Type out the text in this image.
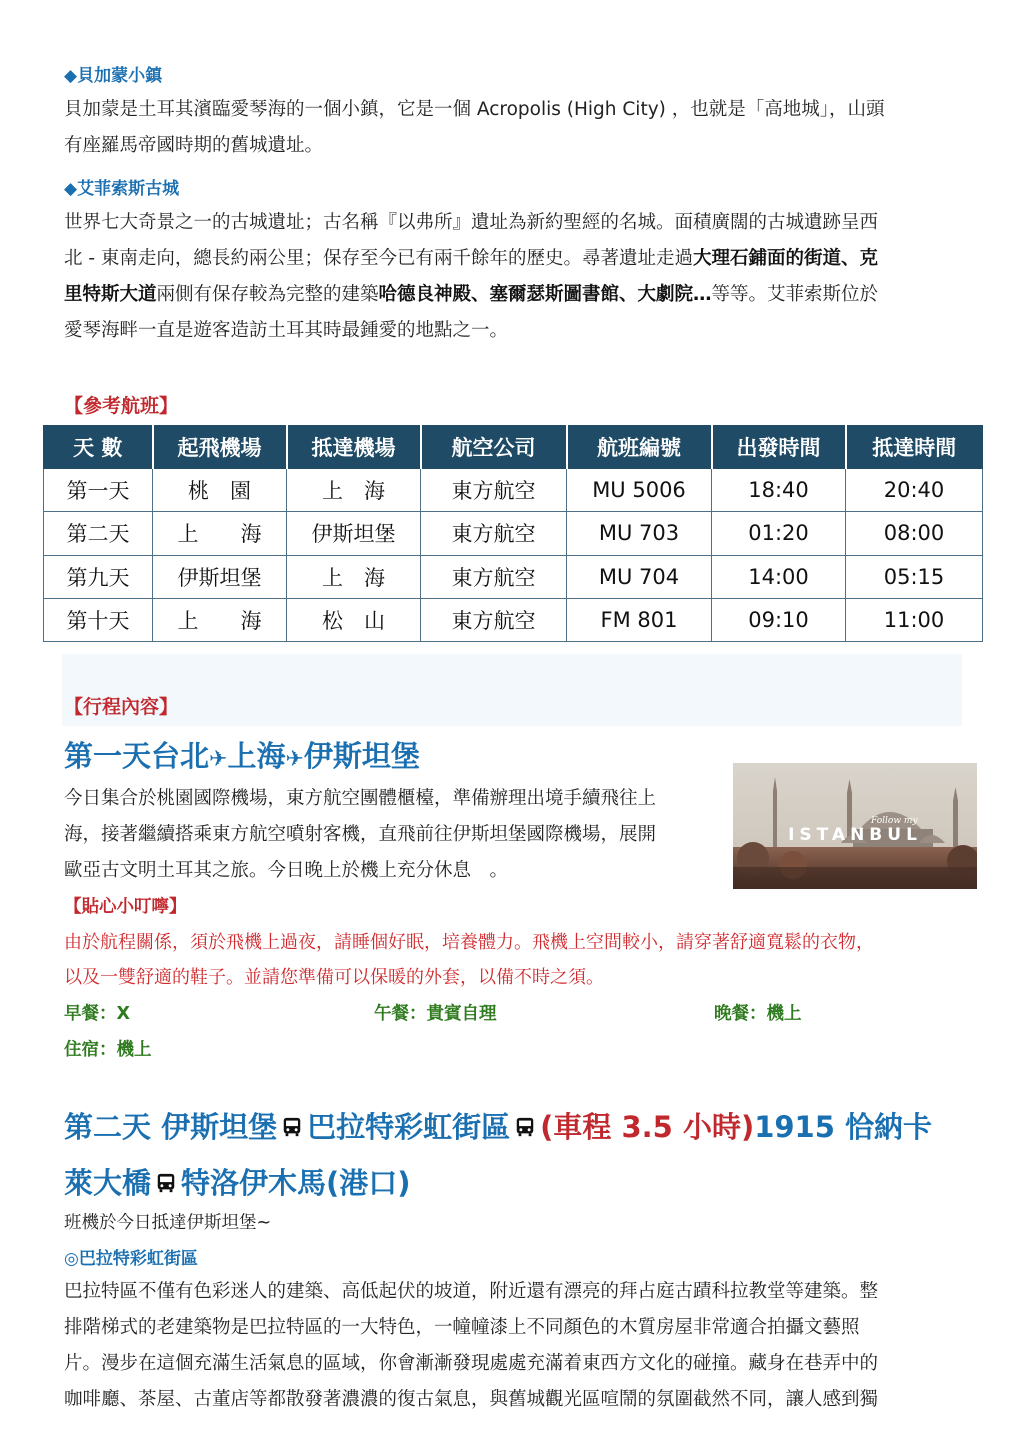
◆貝加蒙小鎮
貝加蒙是土耳其濱臨愛琴海的一個小鎮，它是一個 Acropolis (High City) ，也就是「高地城」，山頭
有座羅馬帝國時期的舊城遺址。
◆艾菲索斯古城
世界七大奇景之一的古城遺址；古名稱『以弗所』遺址為新約聖經的名城。面積廣闊的古城遺跡呈西
北 - 東南走向，總長約兩公里；保存至今已有兩千餘年的歷史。尋著遺址走過大理石鋪面的街道、克
里特斯大道兩側有保存較為完整的建築哈德良神殿、塞爾瑟斯圖書館、大劇院…等等。艾菲索斯位於
愛琴海畔一直是遊客造訪土耳其時最鍾愛的地點之一。
【參考航班】
天 數	起飛機場	抵達機場	航空公司	航班編號	出發時間	抵達時間
第一天	桃　園	上　海	東方航空	MU 5006	18:40	20:40
第二天	上　　海	伊斯坦堡	東方航空	MU 703	01:20	08:00
第九天	伊斯坦堡	上　海	東方航空	MU 704	14:00	05:15
第十天	上　　海	松　山	東方航空	FM 801	09:10	11:00
【行程內容】
第一天台北✈上海✈伊斯坦堡
今日集合於桃園國際機場，東方航空團體櫃檯，準備辦理出境手續飛往上
海，接著繼續搭乘東方航空噴射客機，直飛前往伊斯坦堡國際機場，展開
歐亞古文明土耳其之旅。今日晚上於機上充分休息　。
Follow my
ISTANBUL
【貼心小叮嚀】
由於航程關係，須於飛機上過夜，請睡個好眠，培養體力。飛機上空間較小，請穿著舒適寬鬆的衣物，
以及一雙舒適的鞋子。並請您準備可以保暖的外套，以備不時之須。
早餐：X	午餐：貴賓自理	晚餐：機上
住宿：機上
第二天 伊斯坦堡 巴拉特彩虹街區 (車程 3.5 小時)1915 恰納卡
萊大橋 特洛伊木馬(港口)
班機於今日抵達伊斯坦堡~
◎巴拉特彩虹街區
巴拉特區不僅有色彩迷人的建築、高低起伏的坡道，附近還有漂亮的拜占庭古蹟科拉教堂等建築。整
排階梯式的老建築物是巴拉特區的一大特色，一幢幢漆上不同顏色的木質房屋非常適合拍攝文藝照
片。漫步在這個充滿生活氣息的區域，你會漸漸發現處處充滿着東西方文化的碰撞。藏身在巷弄中的
咖啡廳、茶屋、古董店等都散發著濃濃的復古氣息，與舊城觀光區喧鬧的氛圍截然不同，讓人感到獨
